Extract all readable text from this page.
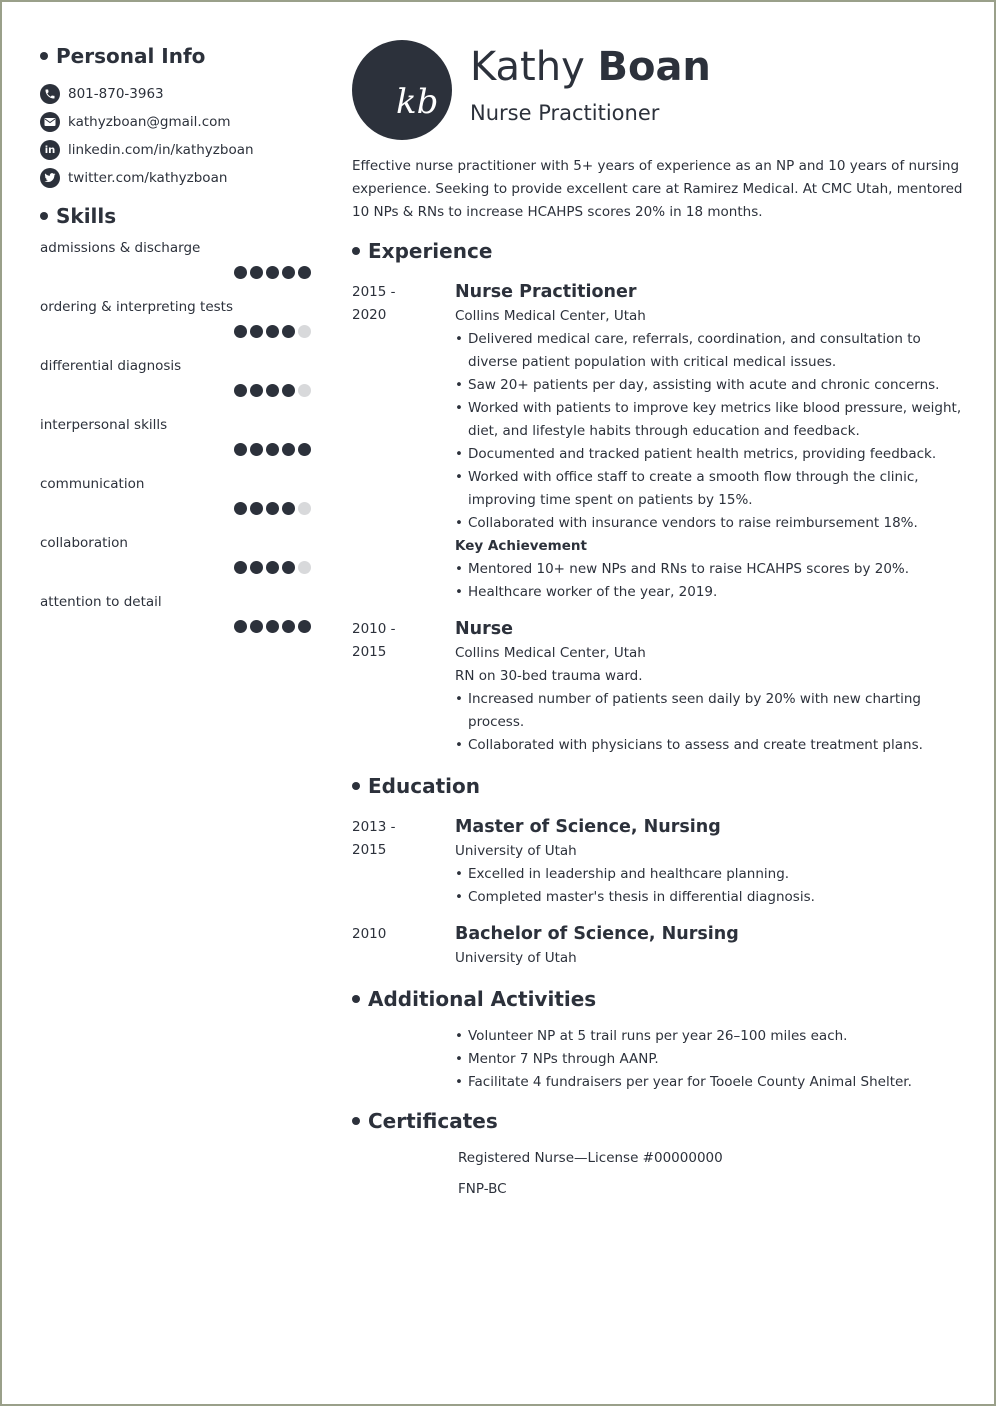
Personal Info
801-870-3963
kathyzboan@gmail.com
in linkedin.com/in/kathyzboan
twitter.com/kathyzboan
Skills
admissions & discharge
ordering & interpreting tests
differential diagnosis
interpersonal skills
communication
collaboration
attention to detail
kb
Kathy Boan
Nurse Practitioner
Effective nurse practitioner with 5+ years of experience as an NP and 10 years of nursing experience. Seeking to provide excellent care at Ramirez Medical. At CMC Utah, mentored 10 NPs & RNs to increase HCAHPS scores 20% in 18 months.
Experience
2015 -
2020
Nurse Practitioner
Collins Medical Center, Utah
• Delivered medical care, referrals, coordination, and consultation to diverse patient population with critical medical issues.
• Saw 20+ patients per day, assisting with acute and chronic concerns.
• Worked with patients to improve key metrics like blood pressure, weight, diet, and lifestyle habits through education and feedback.
• Documented and tracked patient health metrics, providing feedback.
• Worked with office staff to create a smooth flow through the clinic, improving time spent on patients by 15%.
• Collaborated with insurance vendors to raise reimbursement 18%.
Key Achievement
• Mentored 10+ new NPs and RNs to raise HCAHPS scores by 20%.
• Healthcare worker of the year, 2019.
2010 -
2015
Nurse
Collins Medical Center, Utah
RN on 30-bed trauma ward.
• Increased number of patients seen daily by 20% with new charting process.
• Collaborated with physicians to assess and create treatment plans.
Education
2013 -
2015
Master of Science, Nursing
University of Utah
• Excelled in leadership and healthcare planning.
• Completed master's thesis in differential diagnosis.
2010	Bachelor of Science, Nursing
University of Utah
Additional Activities
• Volunteer NP at 5 trail runs per year 26–100 miles each.
• Mentor 7 NPs through AANP.
• Facilitate 4 fundraisers per year for Tooele County Animal Shelter.
Certificates
Registered Nurse—License #00000000
FNP-BC
